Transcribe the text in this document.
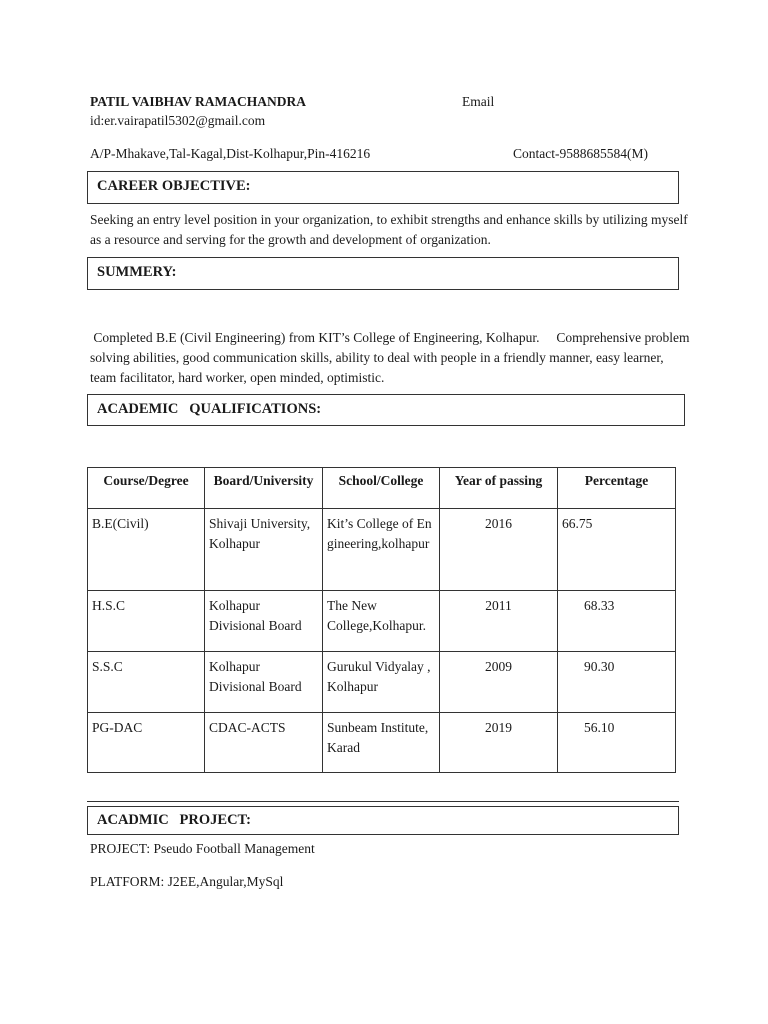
PATIL VAIBHAV RAMACHANDRA	Email
id:er.vairapatil5302@gmail.com
A/P-Mhakave,Tal-Kagal,Dist-Kolhapur,Pin-416216	Contact-9588685584(M)
CAREER OBJECTIVE:
Seeking an entry level position in your organization, to exhibit strengths and enhance skills by utilizing myself as a resource and serving for the growth and development of organization.
SUMMERY:
Completed B.E (Civil Engineering) from KIT’s College of Engineering, Kolhapur.     Comprehensive problem solving abilities, good communication skills, ability to deal with people in a friendly manner, easy learner, team facilitator, hard worker, open minded, optimistic.
ACADEMIC   QUALIFICATIONS:
Course/Degree	Board/University	School/College	Year of passing	Percentage
B.E(Civil)	Shivaji University, Kolhapur	Kit’s College of Engineering,kolhapur	2016	66.75
H.S.C	Kolhapur Divisional Board	The New College,Kolhapur.	2011	68.33
S.S.C	Kolhapur Divisional Board	Gurukul Vidyalay , Kolhapur	2009	90.30
PG-DAC	CDAC-ACTS	Sunbeam Institute, Karad	2019	56.10
ACADMIC   PROJECT:
PROJECT: Pseudo Football Management
PLATFORM: J2EE,Angular,MySql
